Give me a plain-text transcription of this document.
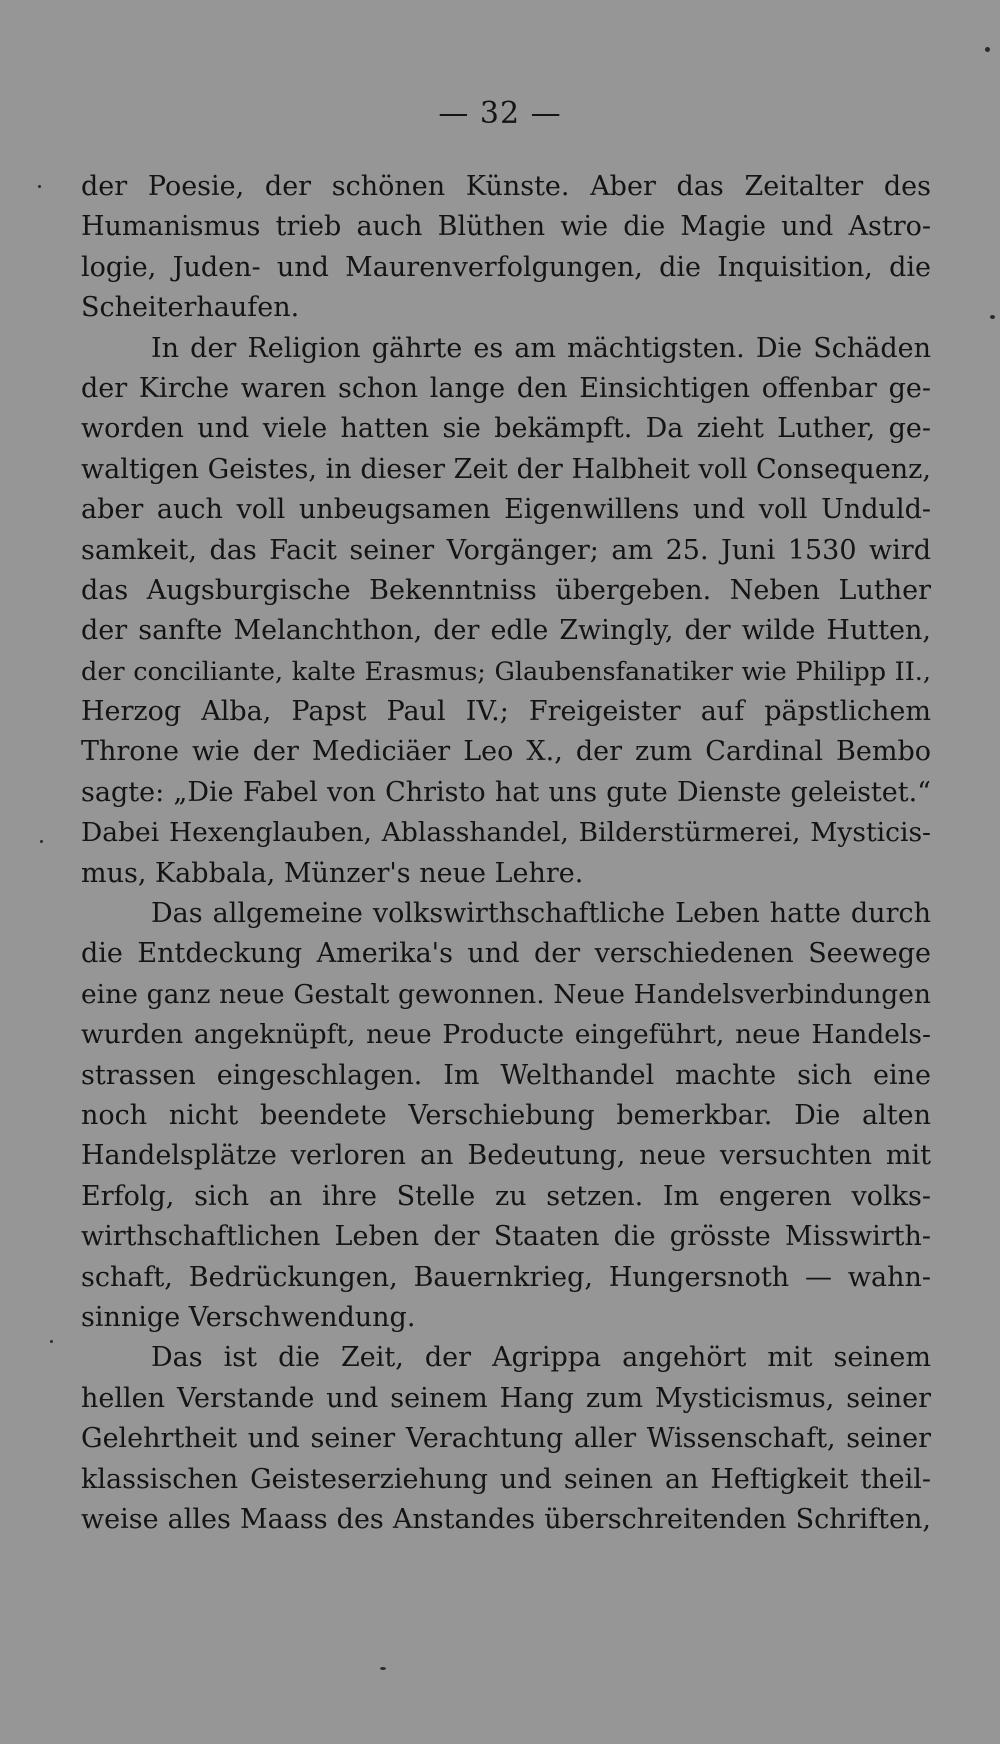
— 32 —
der Poesie, der schönen Künste. Aber das Zeitalter des
Humanismus trieb auch Blüthen wie die Magie und Astro-
logie, Juden- und Maurenverfolgungen, die Inquisition, die
Scheiterhaufen.
In der Religion gährte es am mächtigsten. Die Schäden
der Kirche waren schon lange den Einsichtigen offenbar ge-
worden und viele hatten sie bekämpft. Da zieht Luther, ge-
waltigen Geistes, in dieser Zeit der Halbheit voll Consequenz,
aber auch voll unbeugsamen Eigenwillens und voll Unduld-
samkeit, das Facit seiner Vorgänger; am 25. Juni 1530 wird
das Augsburgische Bekenntniss übergeben. Neben Luther
der sanfte Melanchthon, der edle Zwingly, der wilde Hutten,
der conciliante, kalte Erasmus; Glaubensfanatiker wie Philipp II.,
Herzog Alba, Papst Paul IV.; Freigeister auf päpstlichem
Throne wie der Mediciäer Leo X., der zum Cardinal Bembo
sagte: „Die Fabel von Christo hat uns gute Dienste geleistet.“
Dabei Hexenglauben, Ablasshandel, Bilderstürmerei, Mysticis-
mus, Kabbala, Münzer's neue Lehre.
Das allgemeine volkswirthschaftliche Leben hatte durch
die Entdeckung Amerika's und der verschiedenen Seewege
eine ganz neue Gestalt gewonnen. Neue Handelsverbindungen
wurden angeknüpft, neue Producte eingeführt, neue Handels-
strassen eingeschlagen. Im Welthandel machte sich eine
noch nicht beendete Verschiebung bemerkbar. Die alten
Handelsplätze verloren an Bedeutung, neue versuchten mit
Erfolg, sich an ihre Stelle zu setzen. Im engeren volks-
wirthschaftlichen Leben der Staaten die grösste Misswirth-
schaft, Bedrückungen, Bauernkrieg, Hungersnoth — wahn-
sinnige Verschwendung.
Das ist die Zeit, der Agrippa angehört mit seinem
hellen Verstande und seinem Hang zum Mysticismus, seiner
Gelehrtheit und seiner Verachtung aller Wissenschaft, seiner
klassischen Geisteserziehung und seinen an Heftigkeit theil-
weise alles Maass des Anstandes überschreitenden Schriften,
